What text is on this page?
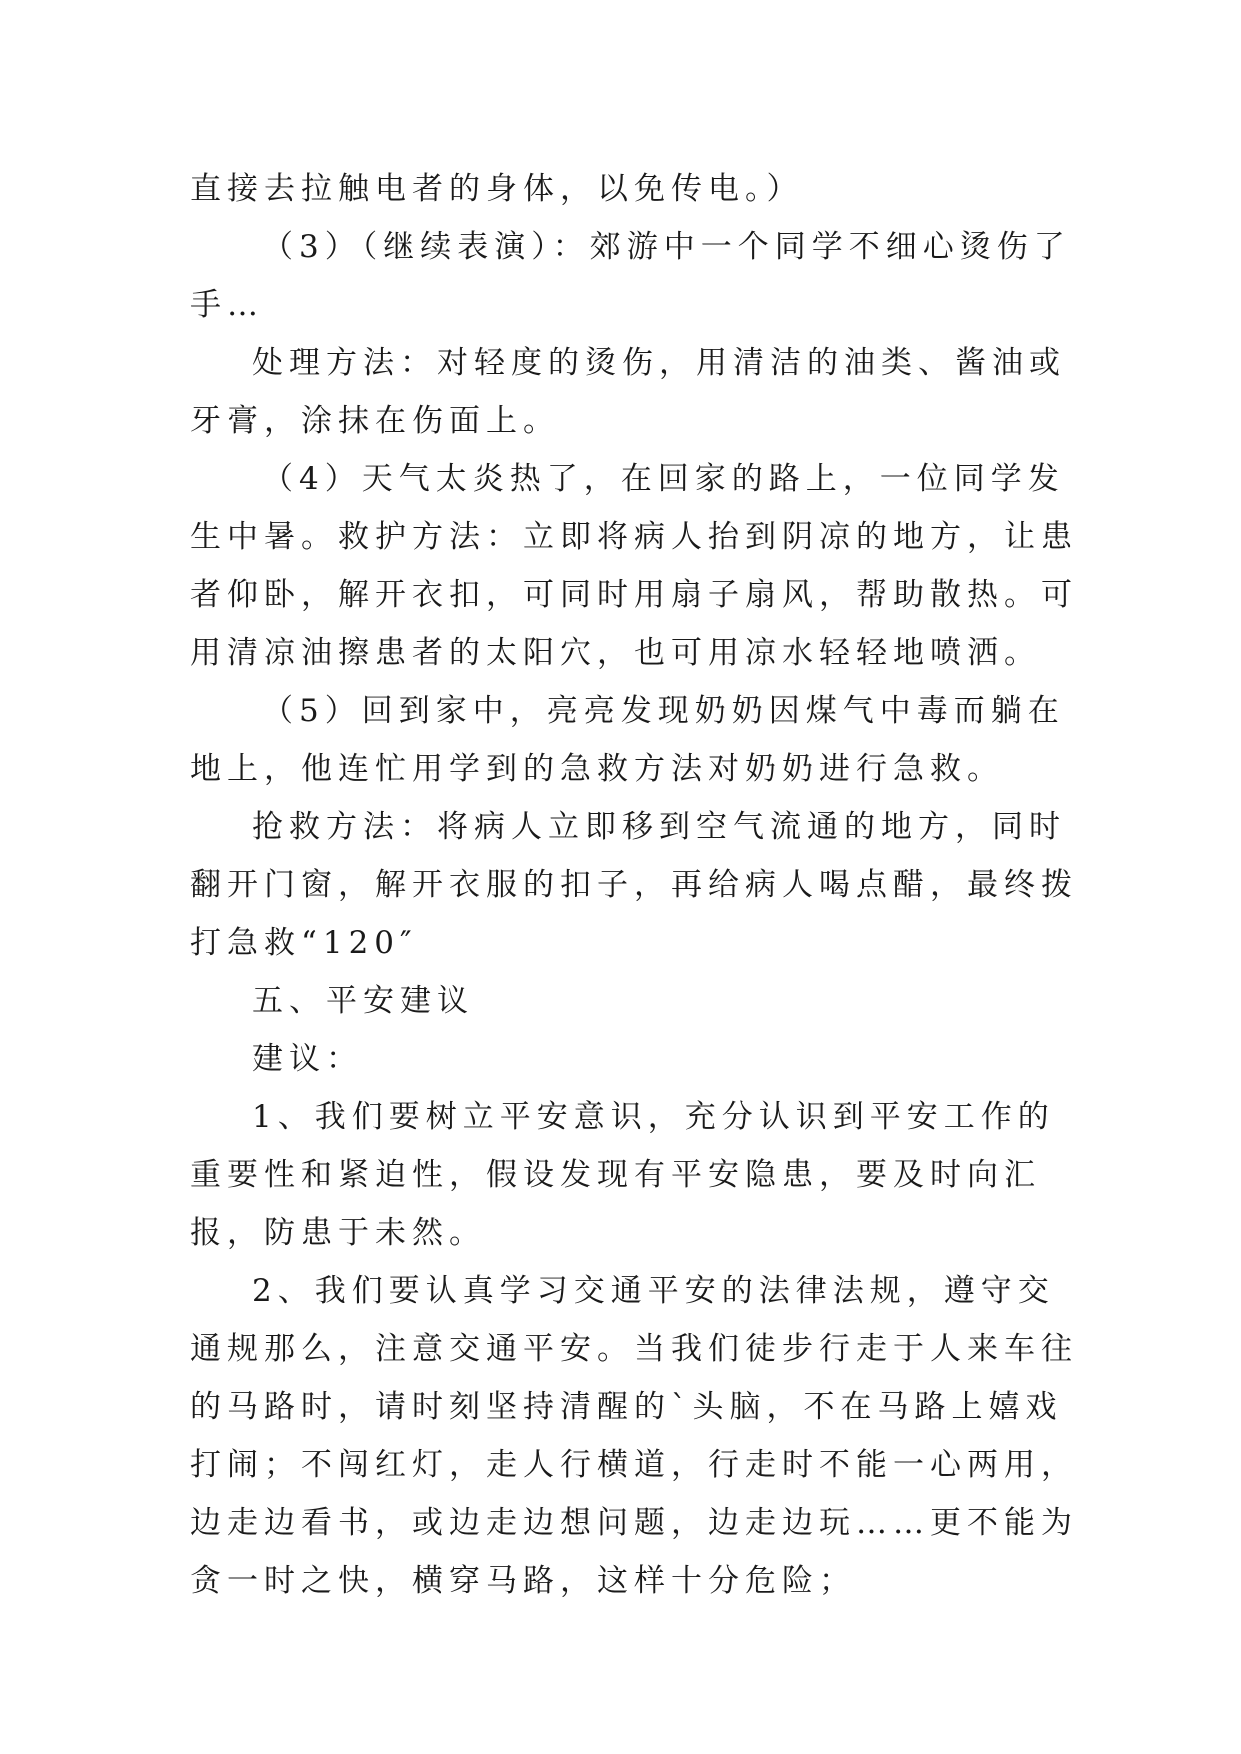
直接去拉触电者的身体，以免传电。）

（3）（继续表演）：郊游中一个同学不细心烫伤了手…

处理方法：对轻度的烫伤，用清洁的油类、酱油或牙膏，涂抹在伤面上。

（4）天气太炎热了，在回家的路上，一位同学发生中暑。救护方法：立即将病人抬到阴凉的地方，让患者仰卧，解开衣扣，可同时用扇子扇风，帮助散热。可用清凉油擦患者的太阳穴，也可用凉水轻轻地喷洒。

（5）回到家中，亮亮发现奶奶因煤气中毒而躺在地上，他连忙用学到的急救方法对奶奶进行急救。

抢救方法：将病人立即移到空气流通的地方，同时翻开门窗，解开衣服的扣子，再给病人喝点醋，最终拨打急救“120″

五、平安建议

建议：

1、我们要树立平安意识，充分认识到平安工作的重要性和紧迫性，假设发现有平安隐患，要及时向汇报，防患于未然。

2、我们要认真学习交通平安的法律法规，遵守交通规那么，注意交通平安。当我们徒步行走于人来车往的马路时，请时刻坚持清醒的`头脑，不在马路上嬉戏打闹；不闯红灯，走人行横道，行走时不能一心两用，边走边看书，或边走边想问题，边走边玩……更不能为贪一时之快，横穿马路，这样十分危险；
